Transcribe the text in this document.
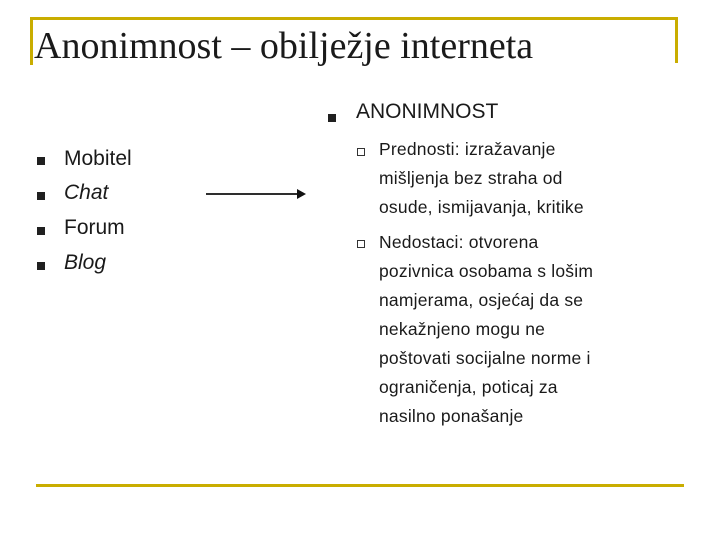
Anonimnost – obilježje interneta
Mobitel
Chat
Forum
Blog
ANONIMNOST
Prednosti: izražavanje
mišljenja bez straha od
osude, ismijavanja, kritike
Nedostaci: otvorena
pozivnica osobama s lošim
namjerama, osjećaj da se
nekažnjeno mogu ne
poštovati socijalne norme i
ograničenja, poticaj za
nasilno ponašanje
